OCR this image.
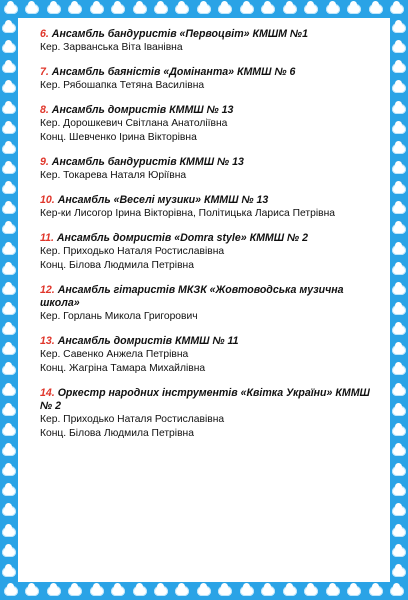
6. Ансамбль бандуристів «Первоцвіт» КМШМ №1
Кер. Зарванська Віта Іванівна
7. Ансамбль баяністів «Домінанта» КММШ № 6
Кер. Рябошапка Тетяна Василівна
8. Ансамбль домристів КММШ № 13
Кер. Дорошкевич Світлана Анатоліївна
Конц. Шевченко Ірина Вікторівна
9. Ансамбль бандуристів КММШ № 13
Кер. Токарева Наталя Юріївна
10. Ансамбль «Веселі музики» КММШ № 13
Кер-ки Лисогор Ірина Вікторівна, Політицька Лариса Петрівна
11. Ансамбль домристів «Domra style» КММШ № 2
Кер. Приходько Наталя Ростиславівна
Конц. Білова Людмила Петрівна
12. Ансамбль гітаристів МКЗК «Жовтоводська музична школа»
Кер. Горлань Микола Григорович
13. Ансамбль домристів КММШ № 11
Кер. Савенко Анжела Петрівна
Конц. Жагріна Тамара Михайлівна
14. Оркестр народних інструментів «Квітка України» КММШ № 2
Кер. Приходько Наталя Ростиславівна
Конц. Білова Людмила Петрівна
